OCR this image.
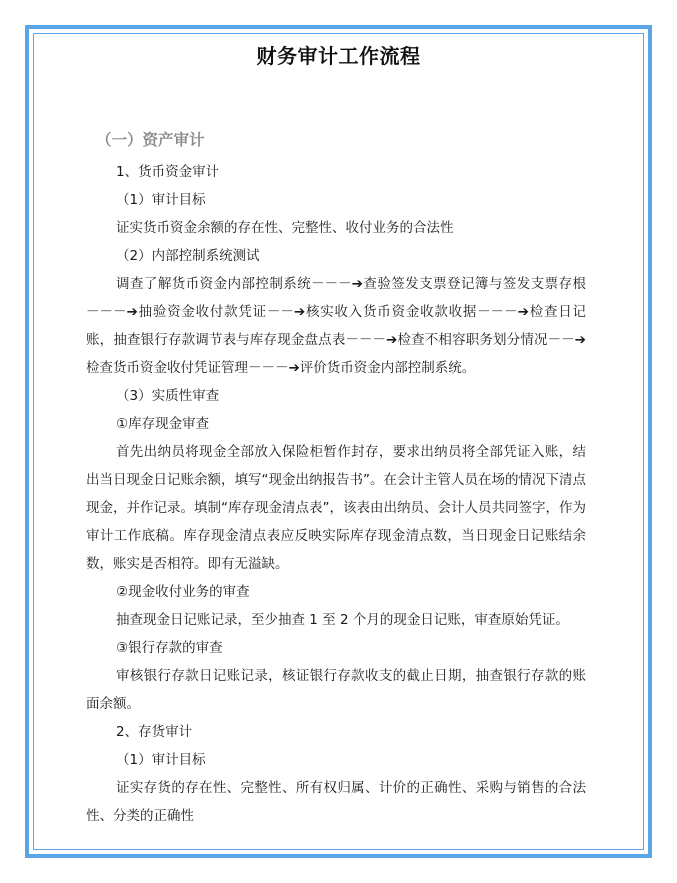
财务审计工作流程
（一）资产审计
1、货币资金审计
（1）审计目标
证实货币资金余额的存在性、完整性、收付业务的合法性
（2）内部控制系统测试
调查了解货币资金内部控制系统－－－➔查验签发支票登记簿与签发支票存根－－－➔抽验资金收付款凭证－－➔核实收入货币资金收款收据－－－➔检查日记账，抽查银行存款调节表与库存现金盘点表－－－➔检查不相容职务划分情况－－➔检查货币资金收付凭证管理－－－➔评价货币资金内部控制系统。
（3）实质性审查
①库存现金审查
首先出纳员将现金全部放入保险柜暂作封存，要求出纳员将全部凭证入账，结出当日现金日记账余额，填写“现金出纳报告书”。在会计主管人员在场的情况下清点现金，并作记录。填制“库存现金清点表”，该表由出纳员、会计人员共同签字，作为审计工作底稿。库存现金清点表应反映实际库存现金清点数，当日现金日记账结余数，账实是否相符。即有无溢缺。
②现金收付业务的审查
抽查现金日记账记录，至少抽查 1 至 2 个月的现金日记账，审查原始凭证。
③银行存款的审查
审核银行存款日记账记录，核证银行存款收支的截止日期，抽查银行存款的账面余额。
2、存货审计
（1）审计目标
证实存货的存在性、完整性、所有权归属、计价的正确性、采购与销售的合法性、分类的正确性
